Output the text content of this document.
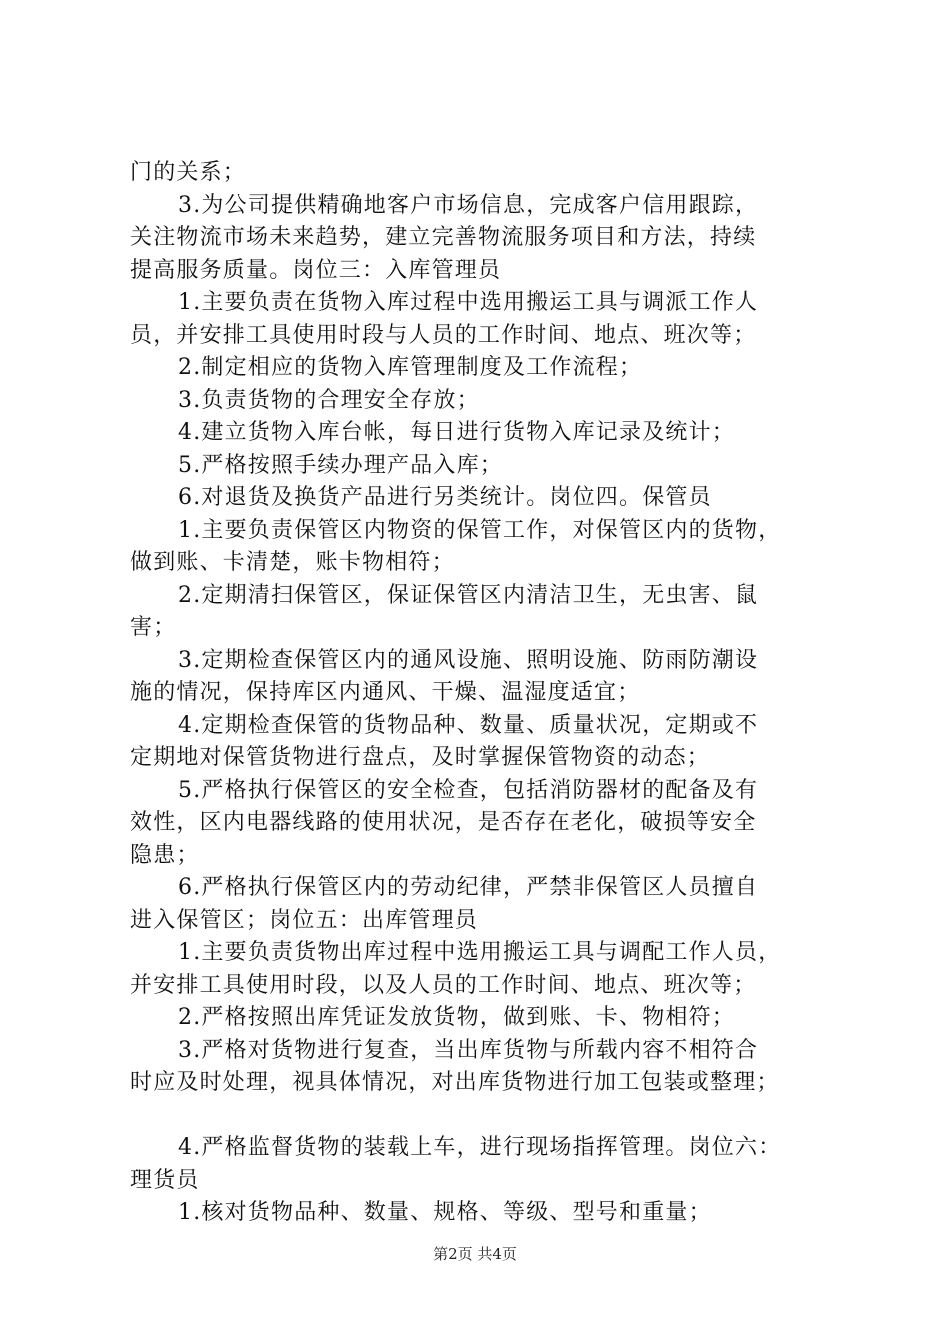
门的关系；
3.为公司提供精确地客户市场信息，完成客户信用跟踪，
关注物流市场未来趋势，建立完善物流服务项目和方法，持续
提高服务质量。岗位三：入库管理员
1.主要负责在货物入库过程中选用搬运工具与调派工作人
员，并安排工具使用时段与人员的工作时间、地点、班次等；
2.制定相应的货物入库管理制度及工作流程；
3.负责货物的合理安全存放；
4.建立货物入库台帐，每日进行货物入库记录及统计；
5.严格按照手续办理产品入库；
6.对退货及换货产品进行另类统计。岗位四。保管员
1.主要负责保管区内物资的保管工作，对保管区内的货物，
做到账、卡清楚，账卡物相符；
2.定期清扫保管区，保证保管区内清洁卫生，无虫害、鼠
害；
3.定期检查保管区内的通风设施、照明设施、防雨防潮设
施的情况，保持库区内通风、干燥、温湿度适宜；
4.定期检查保管的货物品种、数量、质量状况，定期或不
定期地对保管货物进行盘点，及时掌握保管物资的动态；
5.严格执行保管区的安全检查，包括消防器材的配备及有
效性，区内电器线路的使用状况，是否存在老化，破损等安全
隐患；
6.严格执行保管区内的劳动纪律，严禁非保管区人员擅自
进入保管区；岗位五：出库管理员
1.主要负责货物出库过程中选用搬运工具与调配工作人员，
并安排工具使用时段，以及人员的工作时间、地点、班次等；
2.严格按照出库凭证发放货物，做到账、卡、物相符；
3.严格对货物进行复查，当出库货物与所载内容不相符合
时应及时处理，视具体情况，对出库货物进行加工包装或整理；
4.严格监督货物的装载上车，进行现场指挥管理。岗位六：
理货员
1.核对货物品种、数量、规格、等级、型号和重量；
第2页 共4页
